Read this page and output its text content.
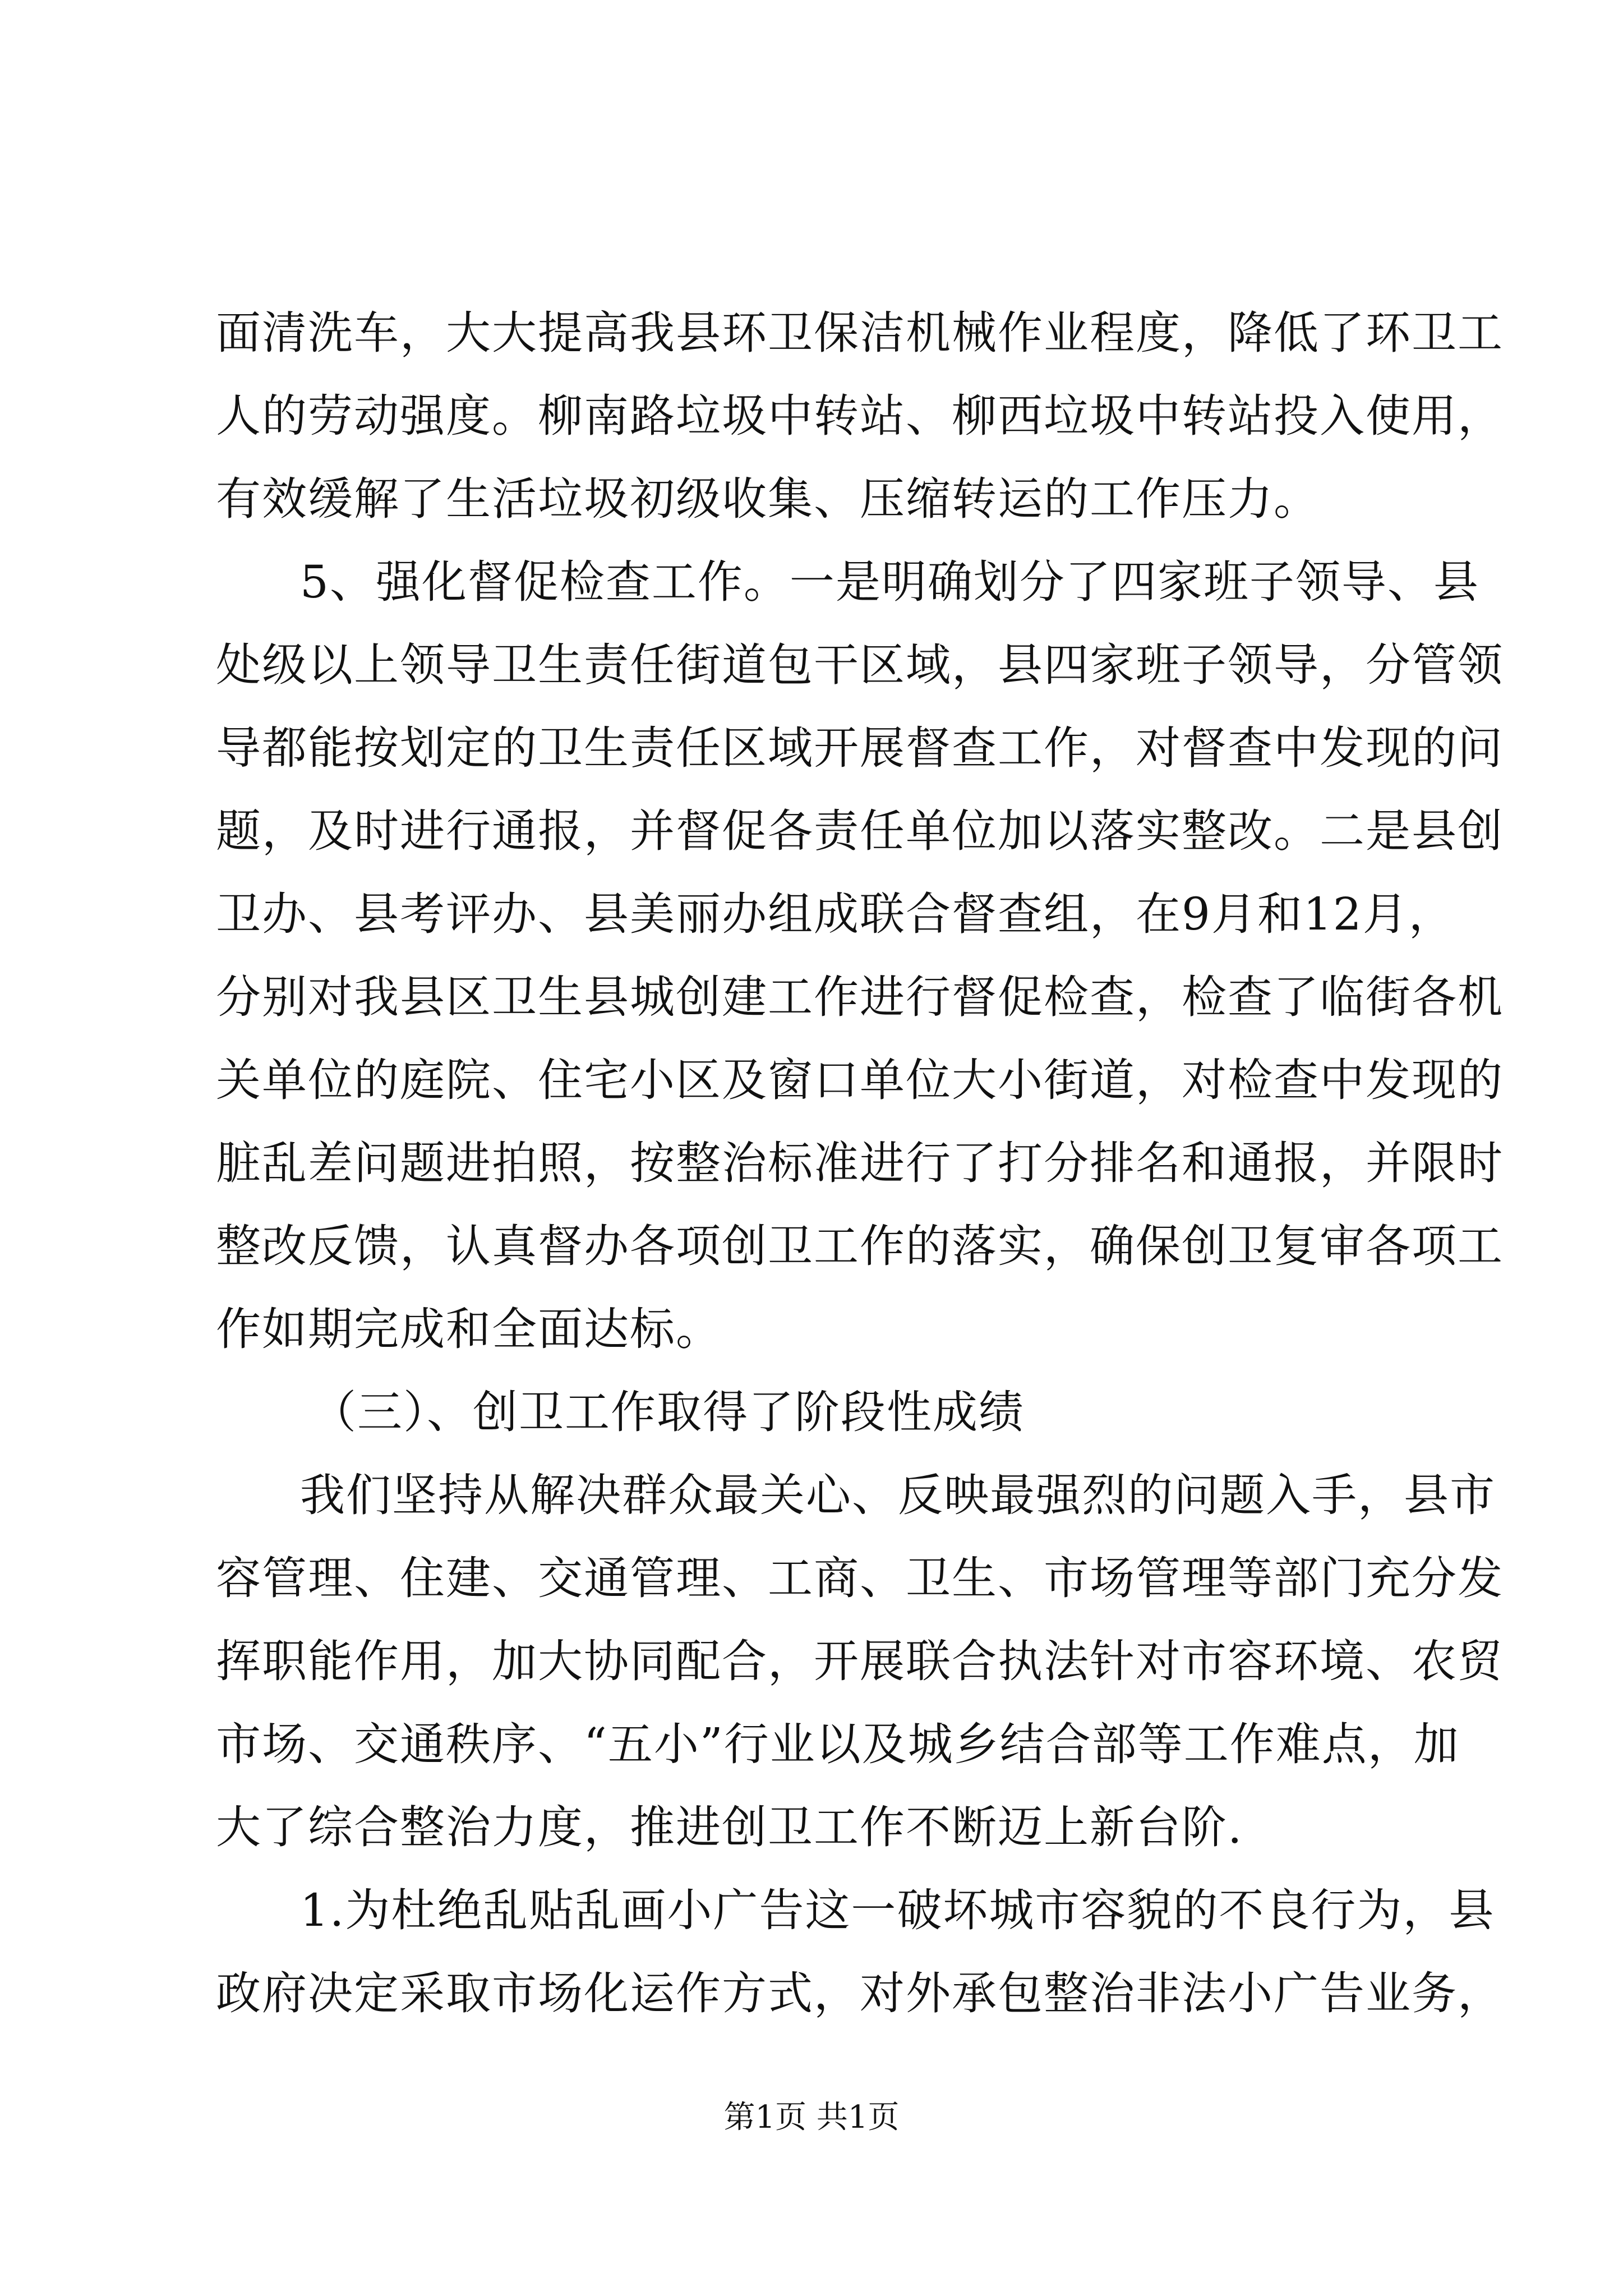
面清洗车，大大提高我县环卫保洁机械作业程度，降低了环卫工
人的劳动强度。柳南路垃圾中转站、柳西垃圾中转站投入使用，
有效缓解了生活垃圾初级收集、压缩转运的工作压力。
5、强化督促检查工作。一是明确划分了四家班子领导、县
处级以上领导卫生责任街道包干区域，县四家班子领导，分管领
导都能按划定的卫生责任区域开展督查工作，对督查中发现的问
题，及时进行通报，并督促各责任单位加以落实整改。二是县创
卫办、县考评办、县美丽办组成联合督查组，在9月和12月，
分别对我县区卫生县城创建工作进行督促检查，检查了临街各机
关单位的庭院、住宅小区及窗口单位大小街道，对检查中发现的
脏乱差问题进拍照，按整治标准进行了打分排名和通报，并限时
整改反馈，认真督办各项创卫工作的落实，确保创卫复审各项工
作如期完成和全面达标。
（三）、创卫工作取得了阶段性成绩
我们坚持从解决群众最关心、反映最强烈的问题入手，县市
容管理、住建、交通管理、工商、卫生、市场管理等部门充分发
挥职能作用，加大协同配合，开展联合执法针对市容环境、农贸
市场、交通秩序、“五小”行业以及城乡结合部等工作难点，加
大了综合整治力度，推进创卫工作不断迈上新台阶.
1.为杜绝乱贴乱画小广告这一破坏城市容貌的不良行为，县
政府决定采取市场化运作方式，对外承包整治非法小广告业务，
第1页 共1页
